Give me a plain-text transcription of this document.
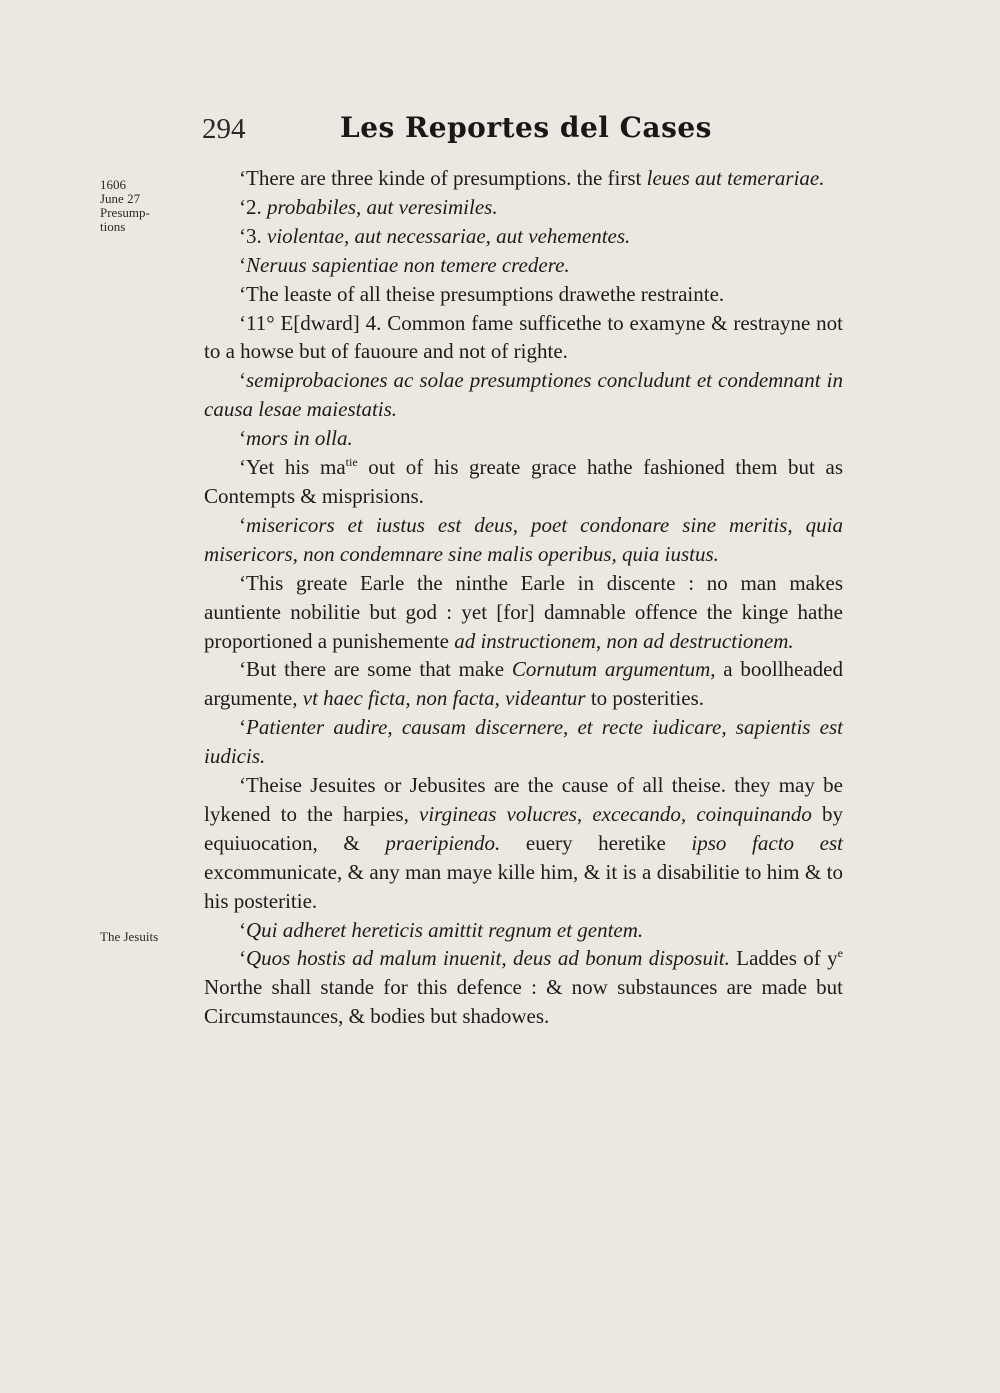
294	Les Reportes del Cases
1606
June 27
Presump-
tions
The Jesuits

‘There are three kinde of presumptions. the first leues aut temerariae.

‘2. probabiles, aut veresimiles.

‘3. violentae, aut necessariae, aut vehementes.

‘Neruus sapientiae non temere credere.

‘The leaste of all theise presumptions drawethe restrainte.

‘11° E[dward] 4. Common fame sufficethe to examyne & restrayne not to a howse but of fauoure and not of righte.

‘semiprobaciones ac solae presumptiones concludunt et condemnant in causa lesae maiestatis.

‘mors in olla.

‘Yet his $ma^{tie}$ out of his greate grace hathe fashioned them but as Contempts & misprisions.

‘misericors et iustus est deus, poet condonare sine meritis, quia misericors, non condemnare sine malis operibus, quia iustus.

‘This greate Earle the ninthe Earle in discente : no man makes auntiente nobilitie but god : yet [for] damnable offence the kinge hathe proportioned a punishemente ad instructionem, non ad destructionem.

‘But there are some that make Cornutum argumentum, a boollheaded argumente, vt haec ficta, non facta, videantur to posterities.

‘Patienter audire, causam discernere, et recte iudicare, sapientis est iudicis.

‘Theise Jesuites or Jebusites are the cause of all theise. they may be lykened to the harpies, virgineas volucres, excecando, coinquinando by equiuocation, & praeripiendo. euery heretike ipso facto est excommunicate, & any man maye kille him, & it is a disabilitie to him & to his posteritie.

‘Qui adheret hereticis amittit regnum et gentem.

‘Quos hostis ad malum inuenit, deus ad bonum disposuit. Laddes of $y^e$ Northe shall stande for this defence : & now substaunces are made but Circumstaunces, & bodies but shadowes.
